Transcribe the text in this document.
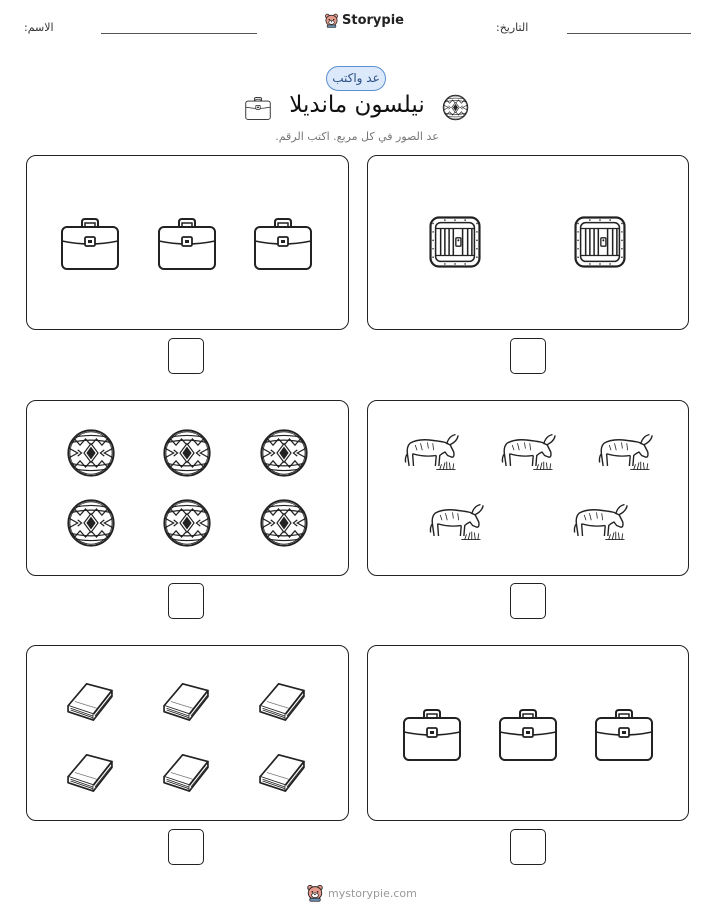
الاسم:	Storypie	التاريخ:
عد واكتب
نيلسون مانديلا
عد الصور في كل مربع. اكتب الرقم.
mystorypie.com
